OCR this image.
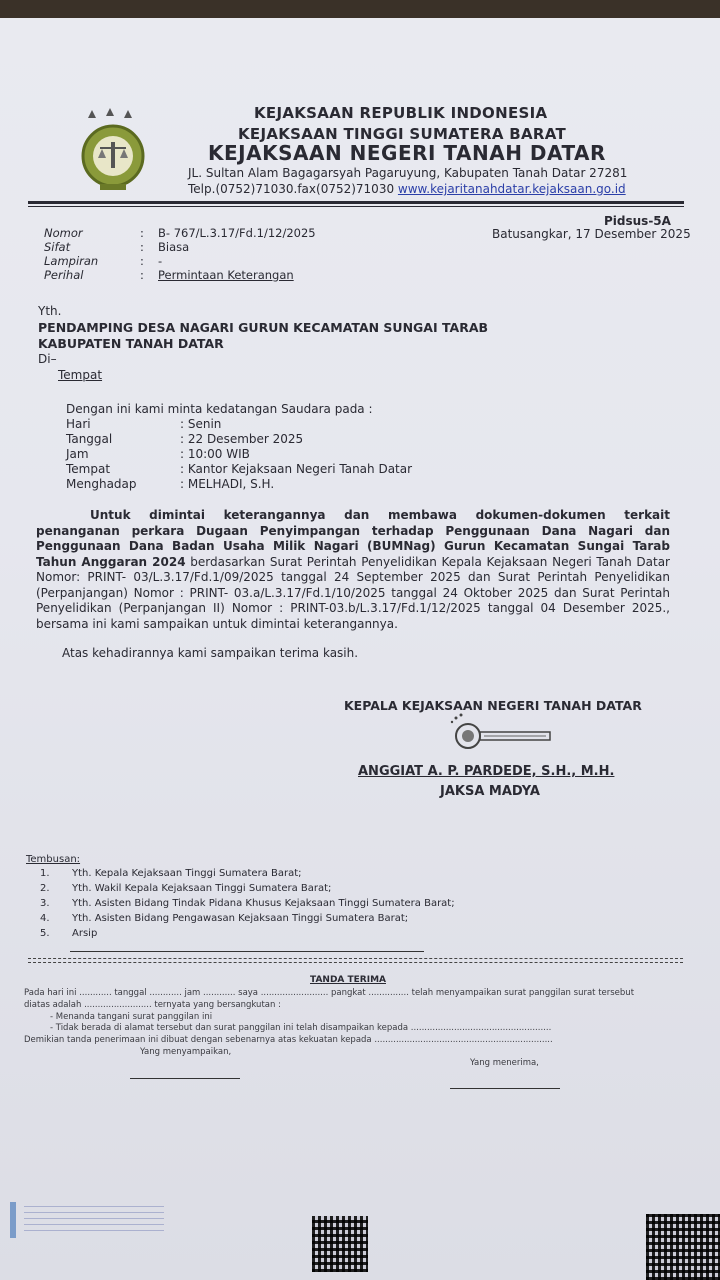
KEJAKSAAN REPUBLIK INDONESIA
KEJAKSAAN TINGGI SUMATERA BARAT
KEJAKSAAN NEGERI TANAH DATAR
JL. Sultan Alam Bagagarsyah Pagaruyung, Kabupaten Tanah Datar 27281
Telp.(0752)71030.fax(0752)71030 www.kejaritanahdatar.kejaksaan.go.id
Pidsus-5A
Nomor	: B- 767/L.3.17/Fd.1/12/2025
Sifat	: Biasa
Lampiran	: -
Perihal	: Permintaan Keterangan
Batusangkar, 17 Desember 2025
Yth.
PENDAMPING DESA NAGARI GURUN KECAMATAN SUNGAI TARAB
KABUPATEN TANAH DATAR
Di–
Tempat
Dengan ini kami minta kedatangan Saudara pada :
Hari	: Senin
Tanggal	: 22 Desember 2025
Jam	: 10:00 WIB
Tempat	: Kantor Kejaksaan Negeri Tanah Datar
Menghadap	: MELHADI, S.H.
Untuk dimintai keterangannya dan membawa dokumen-dokumen terkait penanganan perkara Dugaan Penyimpangan terhadap Penggunaan Dana Nagari dan Penggunaan Dana Badan Usaha Milik Nagari (BUMNag) Gurun Kecamatan Sungai Tarab Tahun Anggaran 2024 berdasarkan Surat Perintah Penyelidikan Kepala Kejaksaan Negeri Tanah Datar Nomor: PRINT- 03/L.3.17/Fd.1/09/2025 tanggal 24 September 2025 dan Surat Perintah Penyelidikan (Perpanjangan) Nomor : PRINT- 03.a/L.3.17/Fd.1/10/2025 tanggal 24 Oktober 2025 dan Surat Perintah Penyelidikan (Perpanjangan II) Nomor : PRINT-03.b/L.3.17/Fd.1/12/2025 tanggal 04 Desember 2025., bersama ini kami sampaikan untuk dimintai keterangannya.
Atas kehadirannya kami sampaikan terima kasih.
KEPALA KEJAKSAAN NEGERI TANAH DATAR
ANGGIAT A. P. PARDEDE, S.H., M.H.
JAKSA MADYA
Tembusan:
1. Yth. Kepala Kejaksaan Tinggi Sumatera Barat;
2. Yth. Wakil Kepala Kejaksaan Tinggi Sumatera Barat;
3. Yth. Asisten Bidang Tindak Pidana Khusus Kejaksaan Tinggi Sumatera Barat;
4. Yth. Asisten Bidang Pengawasan Kejaksaan Tinggi Sumatera Barat;
5. Arsip
TANDA TERIMA
Pada hari ini ............ tanggal ............ jam ............ saya ......................... pangkat ............... telah menyampaikan surat panggilan surat tersebut
diatas adalah ......................... ternyata yang bersangkutan :
- Menanda tangani surat panggilan ini
- Tidak berada di alamat tersebut dan surat panggilan ini telah disampaikan kepada ....................................................
Demikian tanda penerimaan ini dibuat dengan sebenarnya atas kekuatan kepada ..................................................................
Yang menyampaikan,
Yang menerima,
